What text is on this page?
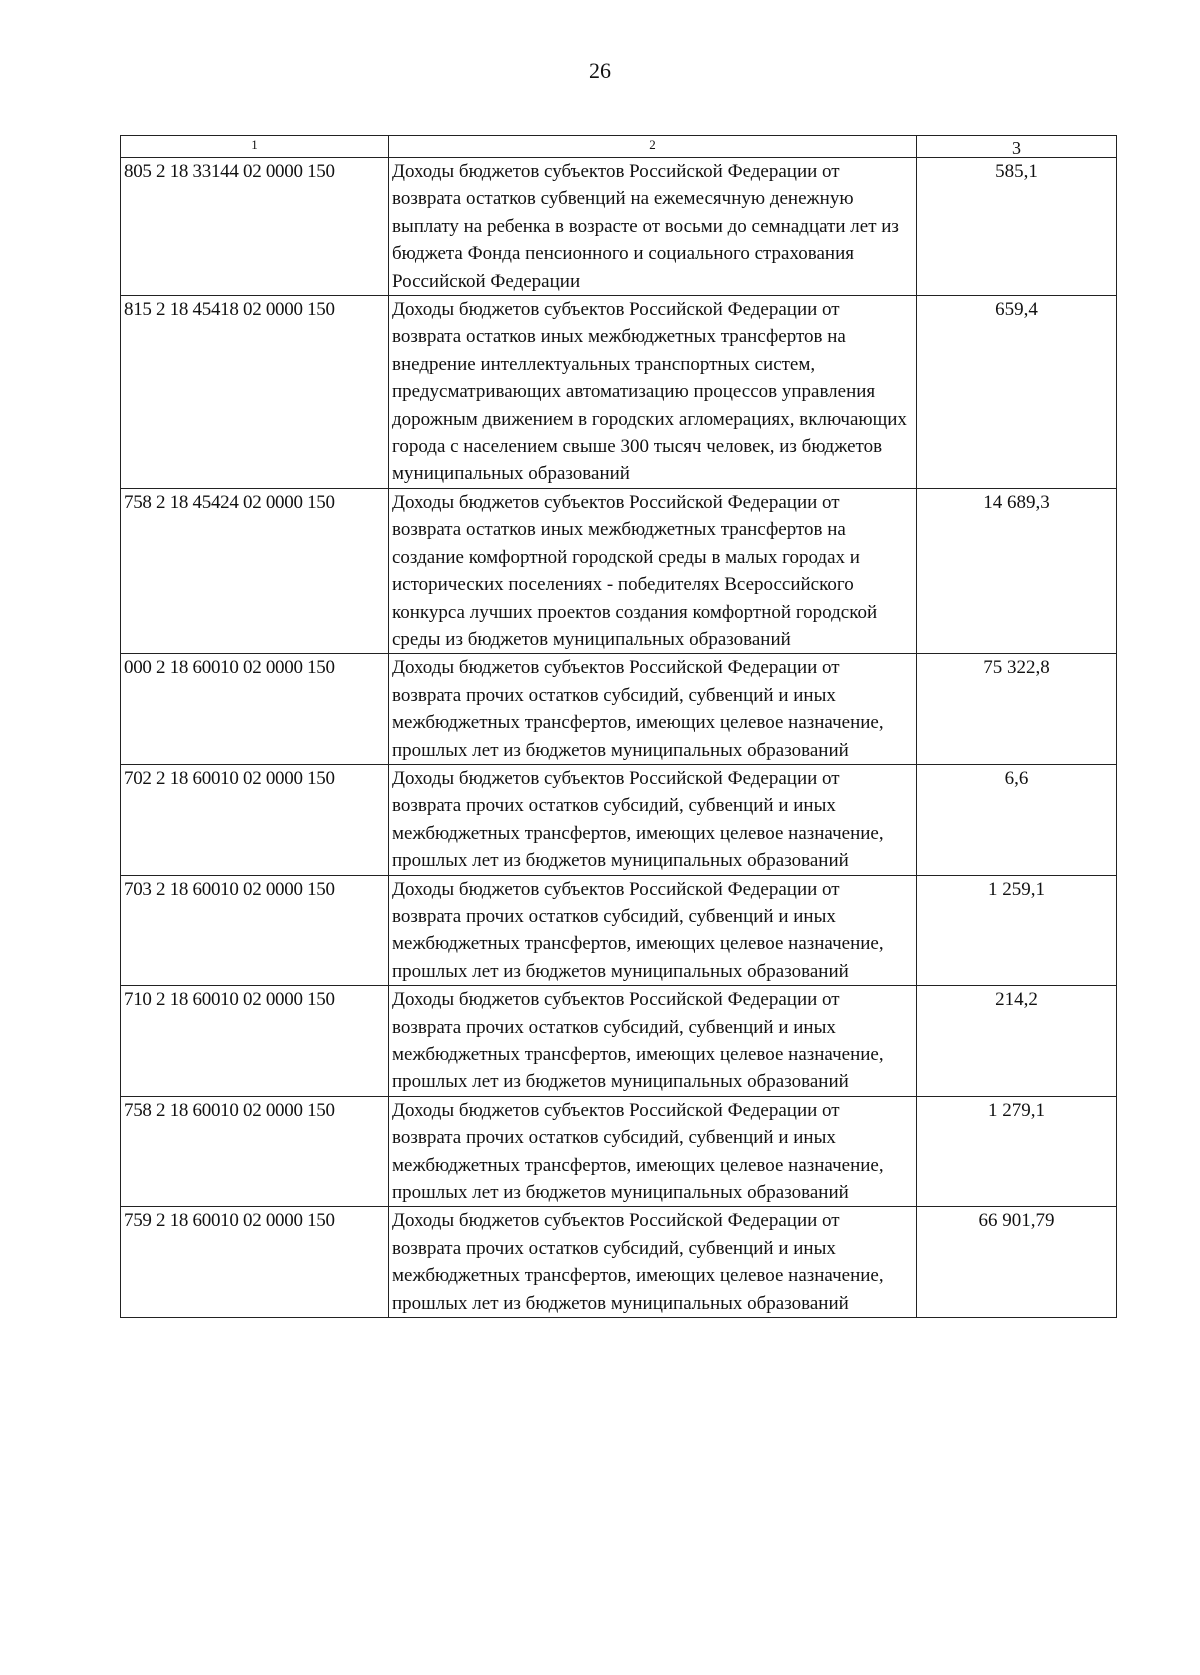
26
1	2	3
805 2 18 33144 02 0000 150	Доходы бюджетов субъектов Российской Федерации от возврата остатков субвенций на ежемесячную денежную выплату на ребенка в возрасте от восьми до семнадцати лет из бюджета Фонда пенсионного и социального страхования Российской Федерации	585,1
815 2 18 45418 02 0000 150	Доходы бюджетов субъектов Российской Федерации от возврата остатков иных межбюджетных трансфертов на внедрение интеллектуальных транспортных систем, предусматривающих автоматизацию процессов управления дорожным движением в городских агломерациях, включающих города с населением свыше 300 тысяч человек, из бюджетов муниципальных образований	659,4
758 2 18 45424 02 0000 150	Доходы бюджетов субъектов Российской Федерации от возврата остатков иных межбюджетных трансфертов на создание комфортной городской среды в малых городах и исторических поселениях - победителях Всероссийского конкурса лучших проектов создания комфортной городской среды из бюджетов муниципальных образований	14 689,3
000 2 18 60010 02 0000 150	Доходы бюджетов субъектов Российской Федерации от возврата прочих остатков субсидий, субвенций и иных межбюджетных трансфертов, имеющих целевое назначение, прошлых лет из бюджетов муниципальных образований	75 322,8
702 2 18 60010 02 0000 150	Доходы бюджетов субъектов Российской Федерации от возврата прочих остатков субсидий, субвенций и иных межбюджетных трансфертов, имеющих целевое назначение, прошлых лет из бюджетов муниципальных образований	6,6
703 2 18 60010 02 0000 150	Доходы бюджетов субъектов Российской Федерации от возврата прочих остатков субсидий, субвенций и иных межбюджетных трансфертов, имеющих целевое назначение, прошлых лет из бюджетов муниципальных образований	1 259,1
710 2 18 60010 02 0000 150	Доходы бюджетов субъектов Российской Федерации от возврата прочих остатков субсидий, субвенций и иных межбюджетных трансфертов, имеющих целевое назначение, прошлых лет из бюджетов муниципальных образований	214,2
758 2 18 60010 02 0000 150	Доходы бюджетов субъектов Российской Федерации от возврата прочих остатков субсидий, субвенций и иных межбюджетных трансфертов, имеющих целевое назначение, прошлых лет из бюджетов муниципальных образований	1 279,1
759 2 18 60010 02 0000 150	Доходы бюджетов субъектов Российской Федерации от возврата прочих остатков субсидий, субвенций и иных межбюджетных трансфертов, имеющих целевое назначение, прошлых лет из бюджетов муниципальных образований	66 901,79
